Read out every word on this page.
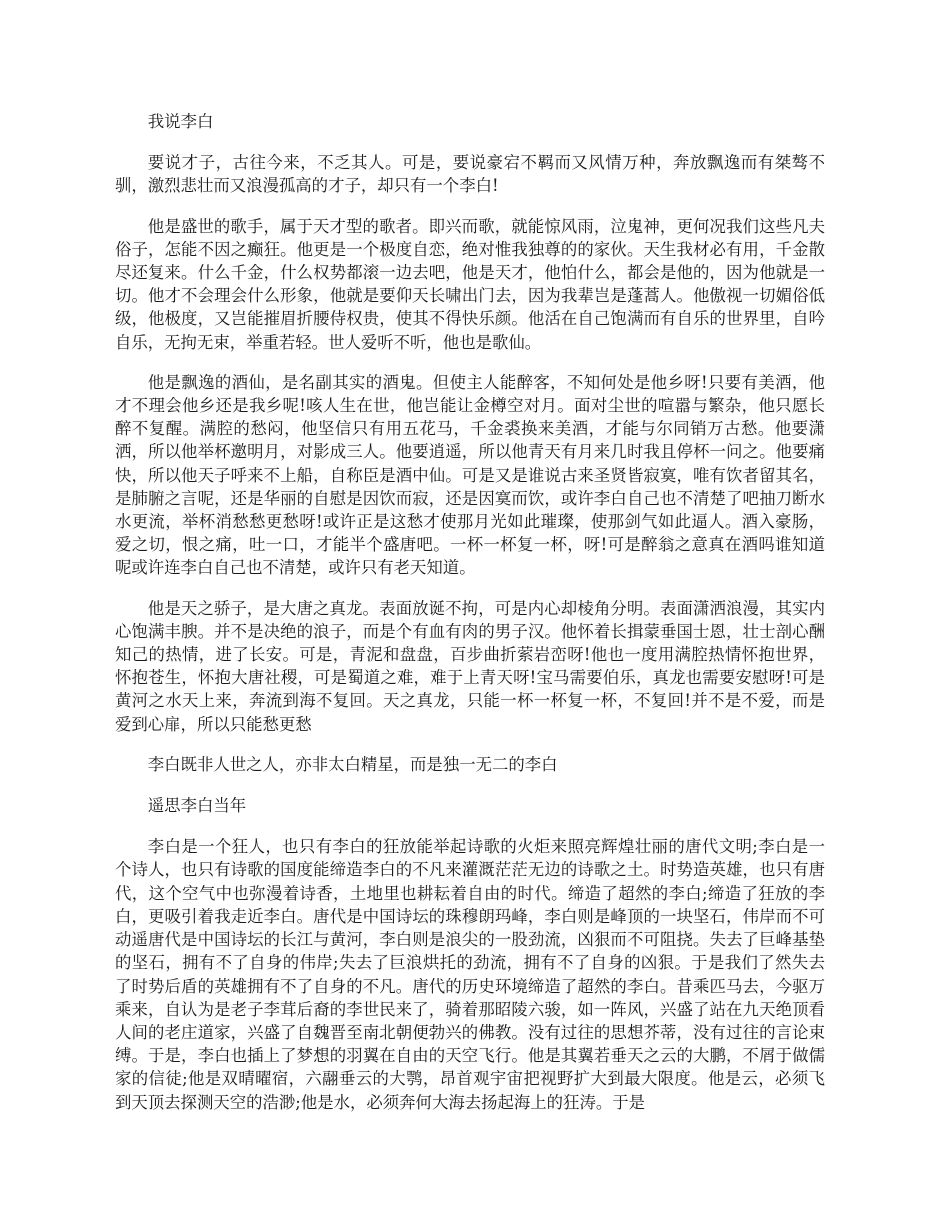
我说李白

要说才子，古往今来，不乏其人。可是，要说豪宕不羁而又风情万种，奔放飘逸而有桀骜不驯，激烈悲壮而又浪漫孤高的才子，却只有一个李白!

他是盛世的歌手，属于天才型的歌者。即兴而歌，就能惊风雨，泣鬼神，更何况我们这些凡夫俗子，怎能不因之癫狂。他更是一个极度自恋，绝对惟我独尊的的家伙。天生我材必有用，千金散尽还复来。什么千金，什么权势都滚一边去吧，他是天才，他怕什么，都会是他的，因为他就是一切。他才不会理会什么形象，他就是要仰天长啸出门去，因为我辈岂是蓬蒿人。他傲视一切媚俗低级，他极度，又岂能摧眉折腰侍权贵，使其不得快乐颜。他活在自己饱满而有自乐的世界里，自吟自乐，无拘无束，举重若轻。世人爱听不听，他也是歌仙。

他是飘逸的酒仙，是名副其实的酒鬼。但使主人能醉客，不知何处是他乡呀!只要有美酒，他才不理会他乡还是我乡呢!咳人生在世，他岂能让金樽空对月。面对尘世的喧嚣与繁杂，他只愿长醉不复醒。满腔的愁闷，他坚信只有用五花马，千金裘换来美酒，才能与尔同销万古愁。他要潇洒，所以他举杯邀明月，对影成三人。他要逍遥，所以他青天有月来几时我且停杯一问之。他要痛快，所以他天子呼来不上船，自称臣是酒中仙。可是又是谁说古来圣贤皆寂寞，唯有饮者留其名，是肺腑之言呢，还是华丽的自慰是因饮而寂，还是因寞而饮，或许李白自己也不清楚了吧抽刀断水水更流，举杯消愁愁更愁呀!或许正是这愁才使那月光如此璀璨，使那剑气如此逼人。酒入豪肠，爱之切，恨之痛，吐一口，才能半个盛唐吧。一杯一杯复一杯，呀!可是醉翁之意真在酒吗谁知道呢或许连李白自己也不清楚，或许只有老天知道。

他是天之骄子，是大唐之真龙。表面放诞不拘，可是内心却棱角分明。表面潇洒浪漫，其实内心饱满丰腴。并不是决绝的浪子，而是个有血有肉的男子汉。他怀着长揖蒙垂国士恩，壮士剖心酬知己的热情，进了长安。可是，青泥和盘盘，百步曲折萦岩峦呀!他也一度用满腔热情怀抱世界，怀抱苍生，怀抱大唐社稷，可是蜀道之难，难于上青天呀!宝马需要伯乐，真龙也需要安慰呀!可是黄河之水天上来，奔流到海不复回。天之真龙，只能一杯一杯复一杯，不复回!并不是不爱，而是爱到心扉，所以只能愁更愁

李白既非人世之人，亦非太白精星，而是独一无二的李白

遥思李白当年

李白是一个狂人，也只有李白的狂放能举起诗歌的火炬来照亮辉煌壮丽的唐代文明;李白是一个诗人，也只有诗歌的国度能缔造李白的不凡来灌溉茫茫无边的诗歌之土。时势造英雄，也只有唐代，这个空气中也弥漫着诗香，土地里也耕耘着自由的时代。缔造了超然的李白;缔造了狂放的李白，更吸引着我走近李白。唐代是中国诗坛的珠穆朗玛峰，李白则是峰顶的一块坚石，伟岸而不可动遥唐代是中国诗坛的长江与黄河，李白则是浪尖的一股劲流，凶狠而不可阻挠。失去了巨峰基垫的坚石，拥有不了自身的伟岸;失去了巨浪烘托的劲流，拥有不了自身的凶狠。于是我们了然失去了时势后盾的英雄拥有不了自身的不凡。唐代的历史环境缔造了超然的李白。昔乘匹马去，今驱万乘来，自认为是老子李茸后裔的李世民来了，骑着那昭陵六骏，如一阵风，兴盛了站在九天绝顶看人间的老庄道家，兴盛了自魏晋至南北朝便勃兴的佛教。没有过往的思想芥蒂，没有过往的言论束缚。于是，李白也插上了梦想的羽翼在自由的天空飞行。他是其翼若垂天之云的大鹏，不屑于做儒家的信徒;他是双晴曜宿，六翮垂云的大鹗，昂首观宇宙把视野扩大到最大限度。他是云，必须飞到天顶去探测天空的浩渺;他是水，必须奔何大海去扬起海上的狂涛。于是
